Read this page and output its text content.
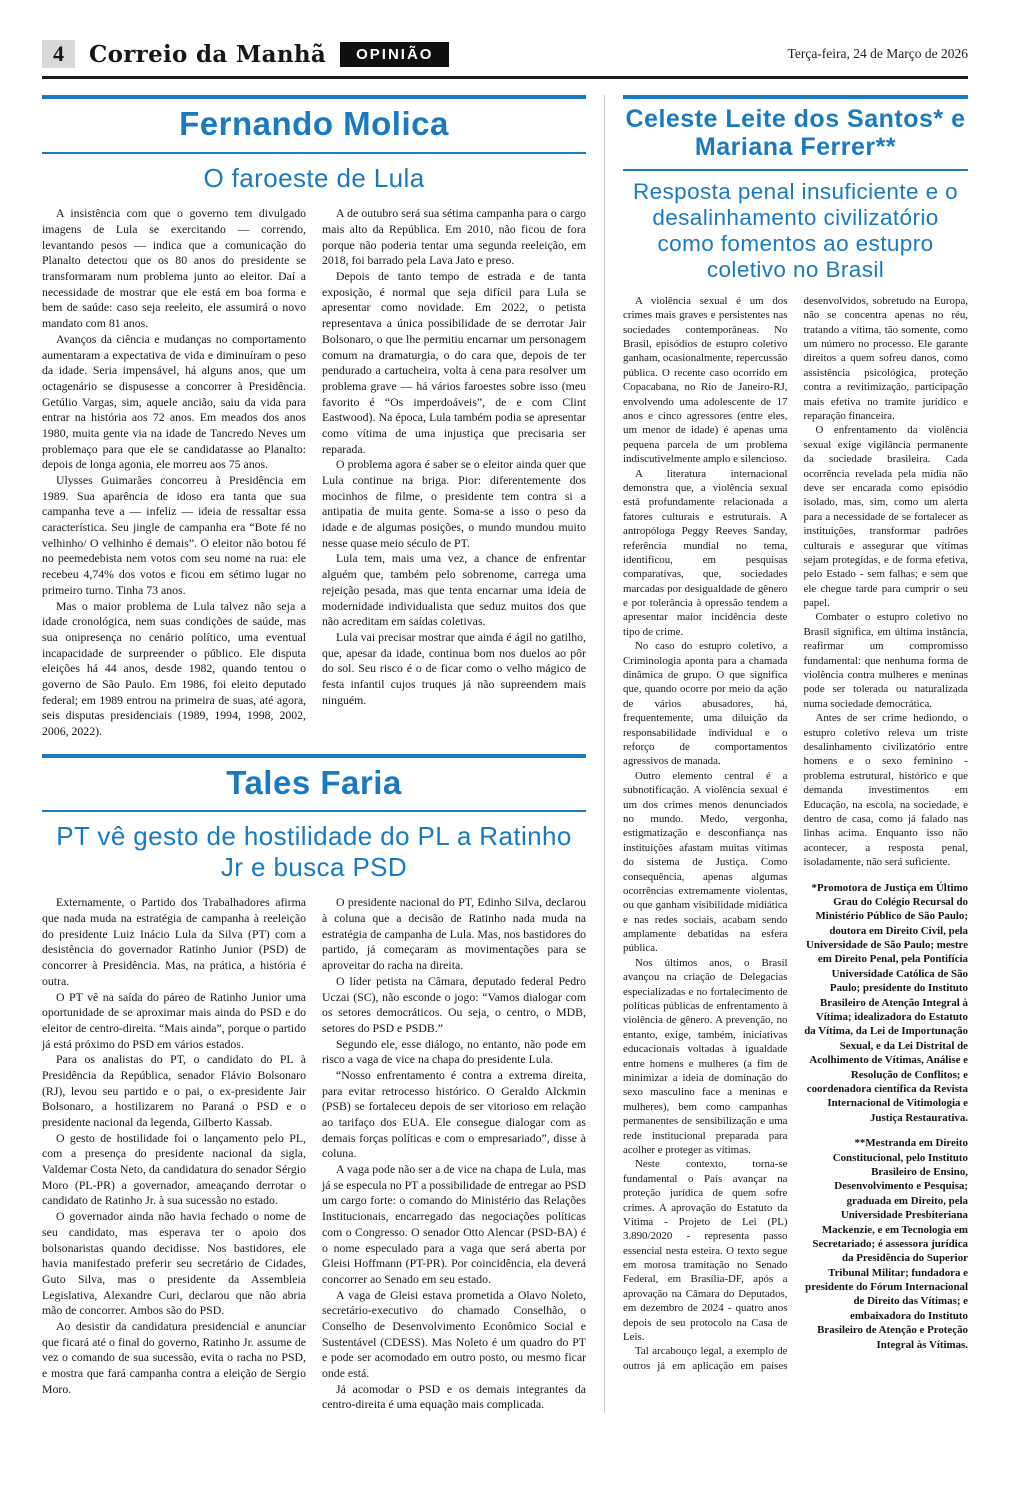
4	Correio da Manhã	OPINIÃO	Terça-feira, 24 de Março de 2026
Fernando Molica
O faroeste de Lula

A insistência com que o governo tem divulgado imagens de Lula se exercitando — correndo, levantando pesos — indica que a comunicação do Planalto detectou que os 80 anos do presidente se transformaram num problema junto ao eleitor. Daí a necessidade de mostrar que ele está em boa forma e bem de saúde: caso seja reeleito, ele assumirá o novo mandato com 81 anos.

Avanços da ciência e mudanças no comportamento aumentaram a expectativa de vida e diminuíram o peso da idade. Seria impensável, há alguns anos, que um octagenário se dispusesse a concorrer à Presidência. Getúlio Vargas, sim, aquele ancião, saiu da vida para entrar na história aos 72 anos. Em meados dos anos 1980, muita gente via na idade de Tancredo Neves um problemaço para que ele se candidatasse ao Planalto: depois de longa agonia, ele morreu aos 75 anos.

Ulysses Guimarães concorreu à Presidência em 1989. Sua aparência de idoso era tanta que sua campanha teve a — infeliz — ideia de ressaltar essa característica. Seu jingle de campanha era “Bote fé no velhinho/ O velhinho é demais”. O eleitor não botou fé no peemedebista nem votos com seu nome na rua: ele recebeu 4,74% dos votos e ficou em sétimo lugar no primeiro turno. Tinha 73 anos.

Mas o maior problema de Lula talvez não seja a idade cronológica, nem suas condições de saúde, mas sua onipresença no cenário político, uma eventual incapacidade de surpreender o público. Ele disputa eleições há 44 anos, desde 1982, quando tentou o governo de São Paulo. Em 1986, foi eleito deputado federal; em 1989 entrou na primeira de suas, até agora, seis disputas presidenciais (1989, 1994, 1998, 2002, 2006, 2022).

A de outubro será sua sétima campanha para o cargo mais alto da República. Em 2010, não ficou de fora porque não poderia tentar uma segunda reeleição, em 2018, foi barrado pela Lava Jato e preso.

Depois de tanto tempo de estrada e de tanta exposição, é normal que seja difícil para Lula se apresentar como novidade. Em 2022, o petista representava a única possibilidade de se derrotar Jair Bolsonaro, o que lhe permitiu encarnar um personagem comum na dramaturgia, o do cara que, depois de ter pendurado a cartucheira, volta à cena para resolver um problema grave — há vários faroestes sobre isso (meu favorito é “Os imperdoáveis”, de e com Clint Eastwood). Na época, Lula também podia se apresentar como vítima de uma injustiça que precisaria ser reparada.

O problema agora é saber se o eleitor ainda quer que Lula continue na briga. Pior: diferentemente dos mocinhos de filme, o presidente tem contra si a antipatia de muita gente. Soma-se a isso o peso da idade e de algumas posições, o mundo mundou muito nesse quase meio século de PT.

Lula tem, mais uma vez, a chance de enfrentar alguém que, também pelo sobrenome, carrega uma rejeição pesada, mas que tenta encarnar uma ideia de modernidade individualista que seduz muitos dos que não acreditam em saídas coletivas.

Lula vai precisar mostrar que ainda é ágil no gatilho, que, apesar da idade, continua bom nos duelos ao pôr do sol. Seu risco é o de ficar como o velho mágico de festa infantil cujos truques já não supreendem mais ninguém.

Tales Faria
PT vê gesto de hostilidade do PL a Ratinho Jr e busca PSD

Externamente, o Partido dos Trabalhadores afirma que nada muda na estratégia de campanha à reeleição do presidente Luiz Inácio Lula da Silva (PT) com a desistência do governador Ratinho Junior (PSD) de concorrer à Presidência. Mas, na prática, a história é outra.

O PT vê na saída do páreo de Ratinho Junior uma oportunidade de se aproximar mais ainda do PSD e do eleitor de centro-direita. “Mais ainda”, porque o partido já está próximo do PSD em vários estados.

Para os analistas do PT, o candidato do PL à Presidência da República, senador Flávio Bolsonaro (RJ), levou seu partido e o pai, o ex-presidente Jair Bolsonaro, a hostilizarem no Paraná o PSD e o presidente nacional da legenda, Gilberto Kassab.

O gesto de hostilidade foi o lançamento pelo PL, com a presença do presidente nacional da sigla, Valdemar Costa Neto, da candidatura do senador Sérgio Moro (PL-PR) a governador, ameaçando derrotar o candidato de Ratinho Jr. à sua sucessão no estado.

O governador ainda não havia fechado o nome de seu candidato, mas esperava ter o apoio dos bolsonaristas quando decidisse. Nos bastidores, ele havia manifestado preferir seu secretário de Cidades, Guto Silva, mas o presidente da Assembleia Legislativa, Alexandre Curi, declarou que não abria mão de concorrer. Ambos são do PSD.

Ao desistir da candidatura presidencial e anunciar que ficará até o final do governo, Ratinho Jr. assume de vez o comando de sua sucessão, evita o racha no PSD, e mostra que fará campanha contra a eleição de Sergio Moro.

O presidente nacional do PT, Edinho Silva, declarou à coluna que a decisão de Ratinho nada muda na estratégia de campanha de Lula. Mas, nos bastidores do partido, já começaram as movimentações para se aproveitar do racha na direita.

O líder petista na Câmara, deputado federal Pedro Uczai (SC), não esconde o jogo: “Vamos dialogar com os setores democráticos. Ou seja, o centro, o MDB, setores do PSD e PSDB.”

Segundo ele, esse diálogo, no entanto, não pode em risco a vaga de vice na chapa do presidente Lula.

“Nosso enfrentamento é contra a extrema direita, para evitar retrocesso histórico. O Geraldo Alckmin (PSB) se fortaleceu depois de ser vitorioso em relação ao tarifaço dos EUA. Ele consegue dialogar com as demais forças políticas e com o empresariado”, disse à coluna.

A vaga pode não ser a de vice na chapa de Lula, mas já se especula no PT a possibilidade de entregar ao PSD um cargo forte: o comando do Ministério das Relações Institucionais, encarregado das negociações políticas com o Congresso. O senador Otto Alencar (PSD-BA) é o nome especulado para a vaga que será aberta por Gleisi Hoffmann (PT-PR). Por coincidência, ela deverá concorrer ao Senado em seu estado.

A vaga de Gleisi estava prometida a Olavo Noleto, secretário-executivo do chamado Conselhão, o Conselho de Desenvolvimento Econômico Social e Sustentável (CDESS). Mas Noleto é um quadro do PT e pode ser acomodado em outro posto, ou mesmo ficar onde está.

Já acomodar o PSD e os demais integrantes da centro-direita é uma equação mais complicada.

Celeste Leite dos Santos* e Mariana Ferrer**
Resposta penal insuficiente e o desalinhamento civilizatório como fomentos ao estupro coletivo no Brasil

A violência sexual é um dos crimes mais graves e persistentes nas sociedades contemporâneas. No Brasil, episódios de estupro coletivo ganham, ocasionalmente, repercussão pública. O recente caso ocorrido em Copacabana, no Rio de Janeiro-RJ, envolvendo uma adolescente de 17 anos e cinco agressores (entre eles, um menor de idade) é apenas uma pequena parcela de um problema indiscutivelmente amplo e silencioso.

A literatura internacional demonstra que, a violência sexual está profundamente relacionada a fatores culturais e estruturais. A antropóloga Peggy Reeves Sanday, referência mundial no tema, identificou, em pesquisas comparativas, que, sociedades marcadas por desigualdade de gênero e por tolerância à opressão tendem a apresentar maior incidência deste tipo de crime.

No caso do estupro coletivo, a Criminologia aponta para a chamada dinâmica de grupo. O que significa que, quando ocorre por meio da ação de vários abusadores, há, frequentemente, uma diluição da responsabilidade individual e o reforço de comportamentos agressivos de manada.

Outro elemento central é a subnotificação. A violência sexual é um dos crimes menos denunciados no mundo. Medo, vergonha, estigmatização e desconfiança nas instituições afastam muitas vítimas do sistema de Justiça. Como consequência, apenas algumas ocorrências extremamente violentas, ou que ganham visibilidade midiática e nas redes sociais, acabam sendo amplamente debatidas na esfera pública.

Nos últimos anos, o Brasil avançou na criação de Delegacias especializadas e no fortalecimento de políticas públicas de enfrentamento à violência de gênero. A prevenção, no entanto, exige, também, iniciativas educacionais voltadas à igualdade entre homens e mulheres (a fim de minimizar a ideia de dominação do sexo masculino face a meninas e mulheres), bem como campanhas permanentes de sensibilização e uma rede institucional preparada para acolher e proteger as vítimas.

Neste contexto, torna-se fundamental o País avançar na proteção jurídica de quem sofre crimes. A aprovação do Estatuto da Vítima - Projeto de Lei (PL) 3.890/2020 - representa passo essencial nesta esteira. O texto segue em morosa tramitação no Senado Federal, em Brasília-DF, após a aprovação na Câmara do Deputados, em dezembro de 2024 - quatro anos depois de seu protocolo na Casa de Leis.

Tal arcabouço legal, a exemplo de outros já em aplicação em países desenvolvidos, sobretudo na Europa, não se concentra apenas no réu, tratando a vítima, tão somente, como um número no processo. Ele garante direitos a quem sofreu danos, como assistência psicológica, proteção contra a revitimização, participação mais efetiva no tramite jurídico e reparação financeira.

O enfrentamento da violência sexual exige vigilância permanente da sociedade brasileira. Cada ocorrência revelada pela mídia não deve ser encarada como episódio isolado, mas, sim, como um alerta para a necessidade de se fortalecer as instituições, transformar padrões culturais e assegurar que vítimas sejam protegidas, e de forma efetiva, pelo Estado - sem falhas; e sem que ele chegue tarde para cumprir o seu papel.

Combater o estupro coletivo no Brasil significa, em última instância, reafirmar um compromisso fundamental: que nenhuma forma de violência contra mulheres e meninas pode ser tolerada ou naturalizada numa sociedade democrática.

Antes de ser crime hediondo, o estupro coletivo releva um triste desalinhamento civilizatório entre homens e o sexo feminino - problema estrutural, histórico e que demanda investimentos em Educação, na escola, na sociedade, e dentro de casa, como já falado nas linhas acima. Enquanto isso não acontecer, a resposta penal, isoladamente, não será suficiente.

*Promotora de Justiça em Último Grau do Colégio Recursal do Ministério Público de São Paulo; doutora em Direito Civil, pela Universidade de São Paulo; mestre em Direito Penal, pela Pontifícia Universidade Católica de São Paulo; presidente do Instituto Brasileiro de Atenção Integral à Vítima; idealizadora do Estatuto da Vítima, da Lei de Importunação Sexual, e da Lei Distrital de Acolhimento de Vítimas, Análise e Resolução de Conflitos; e coordenadora científica da Revista Internacional de Vitimologia e Justiça Restaurativa.

**Mestranda em Direito Constitucional, pelo Instituto Brasileiro de Ensino, Desenvolvimento e Pesquisa; graduada em Direito, pela Universidade Presbiteriana Mackenzie, e em Tecnologia em Secretariado; é assessora jurídica da Presidência do Superior Tribunal Militar; fundadora e presidente do Fórum Internacional de Direito das Vítimas; e embaixadora do Instituto Brasileiro de Atenção e Proteção Integral às Vítimas.
